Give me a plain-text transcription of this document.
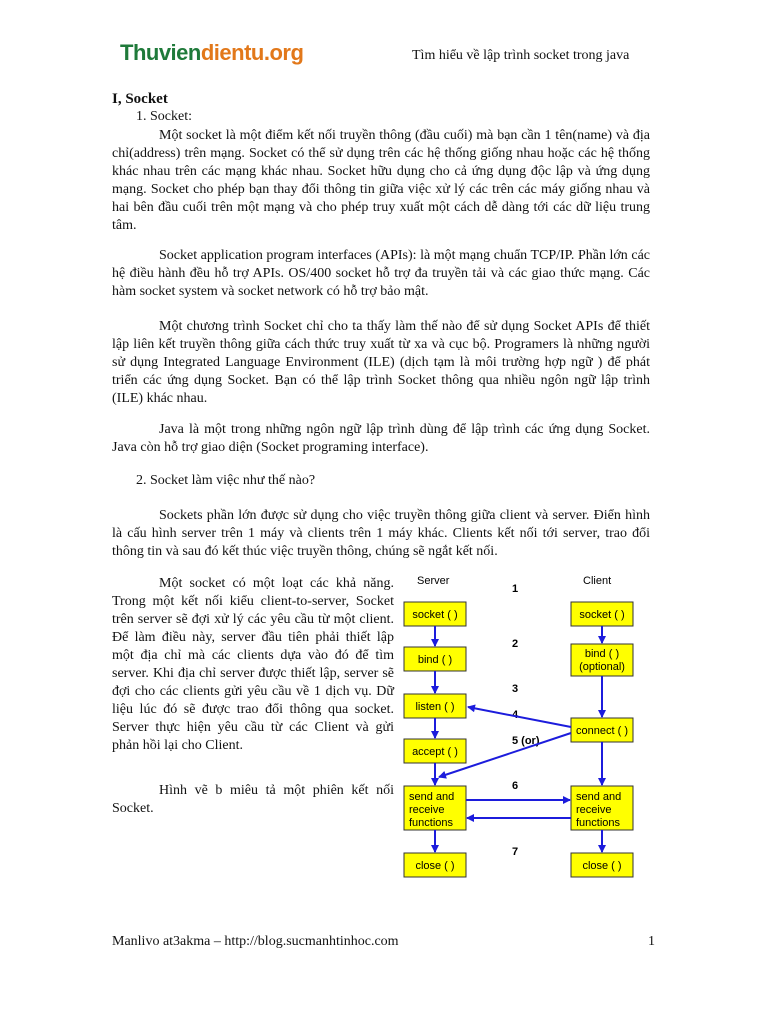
Thuviendientu.org	Tìm hiểu về lập trình socket trong java
I, Socket
1. Socket:

Một socket là một điểm kết nối truyền thông (đầu cuối) mà bạn cần 1 tên(name) và địa chỉ(address) trên mạng. Socket có thể sử dụng trên các hệ thống giống nhau hoặc các hệ thống khác nhau trên các mạng khác nhau. Socket hữu dụng cho cả ứng dụng độc lập và ứng dụng mạng. Socket cho phép bạn thay đổi thông tin giữa việc xử lý các trên các máy giống nhau và hai bên đầu cuối trên một mạng và cho phép truy xuất một cách dễ dàng tới các dữ liệu trung tâm.

Socket application program interfaces (APIs): là một mạng chuẩn TCP/IP. Phần lớn các hệ điều hành đều hỗ trợ APIs. OS/400 socket hỗ trợ đa truyền tải và các giao thức mạng. Các hàm socket system và socket network có hỗ trợ bảo mật.

Một chương trình Socket chỉ cho ta thấy làm thế nào để sử dụng Socket APIs để thiết lập liên kết truyền thông giữa cách thức truy xuất từ xa và cục bộ. Programers là những người sử dụng Integrated Language Environment (ILE) (dịch tạm là môi trường hợp ngữ ) để phát triển các ứng dụng Socket. Bạn có thể lập trình Socket thông qua nhiều ngôn ngữ lập trình (ILE) khác nhau.

Java là một trong những ngôn ngữ lập trình dùng để lập trình các ứng dụng Socket. Java còn hỗ trợ giao diện (Socket programing interface).

2. Socket làm việc như thế nào?

Sockets phần lớn được sử dụng cho việc truyền thông giữa client và server. Điển hình là cấu hình server trên 1 máy và clients trên 1 máy khác. Clients kết nối tới server, trao đổi thông tin và sau đó kết thúc việc truyền thông, chúng sẽ ngắt kết nối.

Một socket có một loạt các khả năng. Trong một kết nối kiểu client-to-server, Socket trên server sẽ đợi xử lý các yêu cầu từ một client. Để làm điều này, server đầu tiên phải thiết lập một địa chỉ mà các clients dựa vào đó để tìm server. Khi địa chỉ server được thiết lập, server sẽ đợi cho các clients gửi yêu cầu về 1 dịch vụ. Dữ liệu lúc đó sẽ được trao đổi thông qua socket. Server thực hiện yêu cầu từ các Client và gửi phản hồi lại cho Client.

Hình vẽ b miêu tả một phiên kết nối Socket.

Server	Client
1
2
3
4
5 (or)
6
7
socket ( )
bind ( )
listen ( )
accept ( )
send and
receive
functions
close ( )
socket ( )
bind ( )
(optional)
connect ( )
send and
receive
functions
close ( )
Manlivo at3akma – http://blog.sucmanhtinhoc.com	1
